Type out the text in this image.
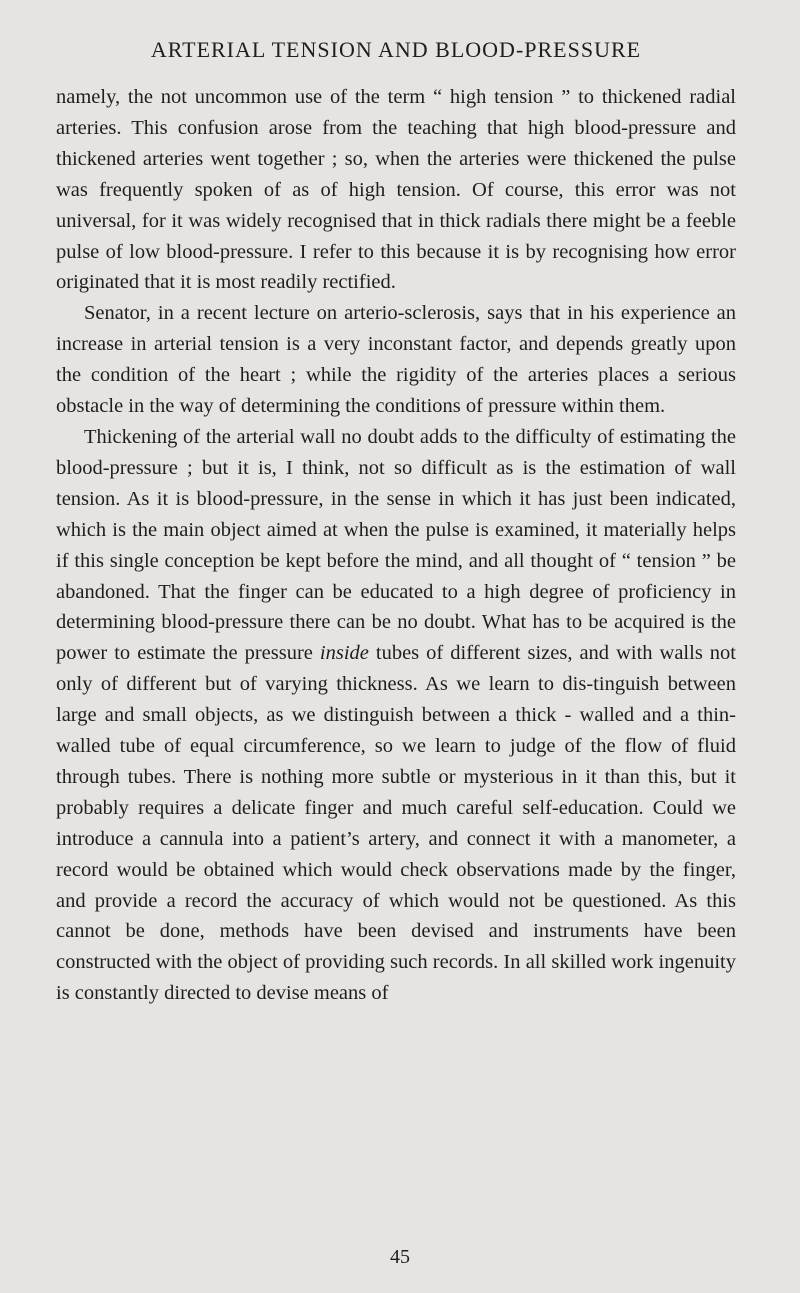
ARTERIAL TENSION AND BLOOD-PRESSURE

namely, the not uncommon use of the term “ high tension ” to thickened radial arteries. This confusion arose from the teaching that high blood-pressure and thickened arteries went together ; so, when the arteries were thickened the pulse was frequently spoken of as of high tension. Of course, this error was not universal, for it was widely recognised that in thick radials there might be a feeble pulse of low blood-pressure. I refer to this because it is by recognising how error originated that it is most readily rectified.

Senator, in a recent lecture on arterio-sclerosis, says that in his experience an increase in arterial tension is a very inconstant factor, and depends greatly upon the condition of the heart ; while the rigidity of the arteries places a serious obstacle in the way of determining the conditions of pressure within them.

Thickening of the arterial wall no doubt adds to the difficulty of estimating the blood-pressure ; but it is, I think, not so difficult as is the estimation of wall tension. As it is blood-pressure, in the sense in which it has just been indicated, which is the main object aimed at when the pulse is examined, it materially helps if this single conception be kept before the mind, and all thought of “ tension ” be abandoned. That the finger can be educated to a high degree of proficiency in determining blood-pressure there can be no doubt. What has to be acquired is the power to estimate the pressure inside tubes of different sizes, and with walls not only of different but of varying thickness. As we learn to dis-tinguish between large and small objects, as we distinguish between a thick - walled and a thin-walled tube of equal circumference, so we learn to judge of the flow of fluid through tubes. There is nothing more subtle or mysterious in it than this, but it probably requires a delicate finger and much careful self-education. Could we introduce a cannula into a patient’s artery, and connect it with a manometer, a record would be obtained which would check observations made by the finger, and provide a record the accuracy of which would not be questioned. As this cannot be done, methods have been devised and instruments have been constructed with the object of providing such records. In all skilled work ingenuity is constantly directed to devise means of

45
